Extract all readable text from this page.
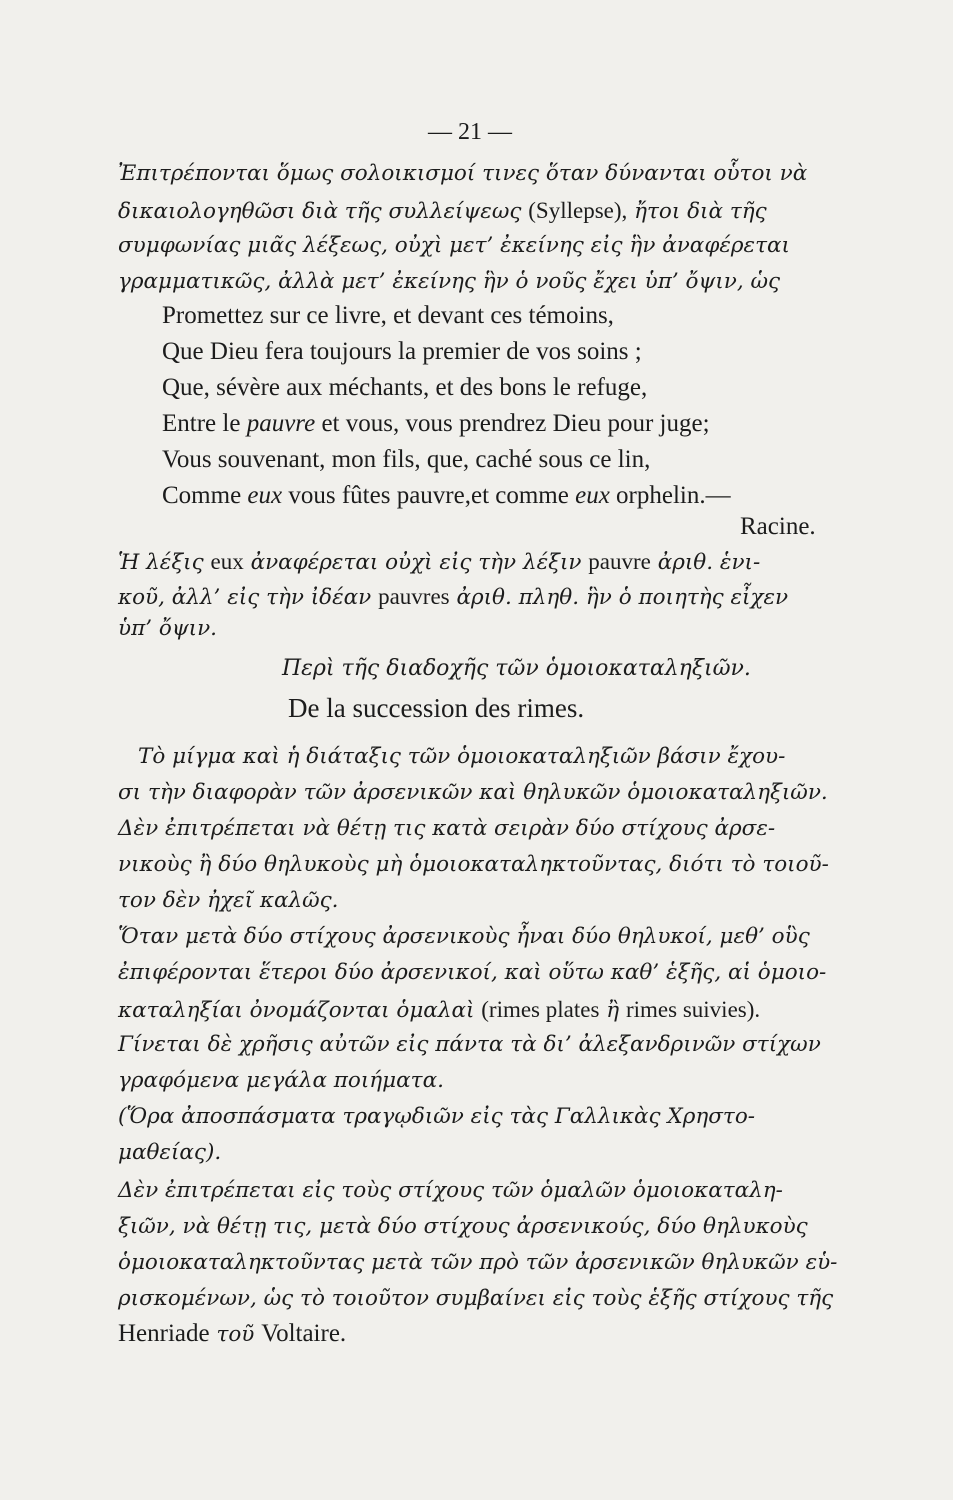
— 21 —
Ἐπιτρέπονται ὅμως σολοικισμοί τινες ὅταν δύνανται οὗτοι νὰ
δικαιολογηθῶσι διὰ τῆς συλλείψεως (Syllepse), ἤτοι διὰ τῆς
συμφωνίας μιᾶς λέξεως, οὐχὶ μετ’ ἐκείνης εἰς ἣν ἀναφέρεται
γραμματικῶς, ἀλλὰ μετ’ ἐκείνης ἣν ὁ νοῦς ἔχει ὑπ’ ὄψιν, ὡς
Promettez sur ce livre, et devant ces témoins,
Que Dieu fera toujours la premier de vos soins ;
Que, sévère aux méchants, et des bons le refuge,
Entre le pauvre et vous, vous prendrez Dieu pour juge;
Vous souvenant, mon fils, que, caché sous ce lin,
Comme eux vous fûtes pauvre,et comme eux orphelin.—
Racine.
Ἡ λέξις eux ἀναφέρεται οὐχὶ εἰς τὴν λέξιν pauvre ἀριθ. ἑνι-
κοῦ, ἀλλ’ εἰς τὴν ἰδέαν pauvres ἀριθ. πληθ. ἣν ὁ ποιητὴς εἶχεν
ὑπ’ ὄψιν.
Περὶ τῆς διαδοχῆς τῶν ὁμοιοκαταληξιῶν.
De la succession des rimes.
Τὸ μίγμα καὶ ἡ διάταξις τῶν ὁμοιοκαταληξιῶν βάσιν ἔχου-
σι τὴν διαφορὰν τῶν ἀρσενικῶν καὶ θηλυκῶν ὁμοιοκαταληξιῶν.
Δὲν ἐπιτρέπεται νὰ θέτῃ τις κατὰ σειρὰν δύο στίχους ἀρσε-
νικοὺς ἢ δύο θηλυκοὺς μὴ ὁμοιοκαταληκτοῦντας, διότι τὸ τοιοῦ-
τον δὲν ἠχεῖ καλῶς.
Ὅταν μετὰ δύο στίχους ἀρσενικοὺς ἦναι δύο θηλυκοί, μεθ’ οὓς
ἐπιφέρονται ἕτεροι δύο ἀρσενικοί, καὶ οὕτω καθ’ ἑξῆς, αἱ ὁμοιο-
καταληξίαι ὀνομάζονται ὁμαλαὶ (rimes plates ἢ rimes suivies).
Γίνεται δὲ χρῆσις αὐτῶν εἰς πάντα τὰ δι’ ἀλεξανδρινῶν στίχων
γραφόμενα μεγάλα ποιήματα.
(Ὅρα ἀποσπάσματα τραγῳδιῶν εἰς τὰς Γαλλικὰς Χρηστο-
μαθείας).
Δὲν ἐπιτρέπεται εἰς τοὺς στίχους τῶν ὁμαλῶν ὁμοιοκαταλη-
ξιῶν, νὰ θέτῃ τις, μετὰ δύο στίχους ἀρσενικούς, δύο θηλυκοὺς
ὁμοιοκαταληκτοῦντας μετὰ τῶν πρὸ τῶν ἀρσενικῶν θηλυκῶν εὑ-
ρισκομένων, ὡς τὸ τοιοῦτον συμβαίνει εἰς τοὺς ἑξῆς στίχους τῆς
Henriade τοῦ Voltaire.
